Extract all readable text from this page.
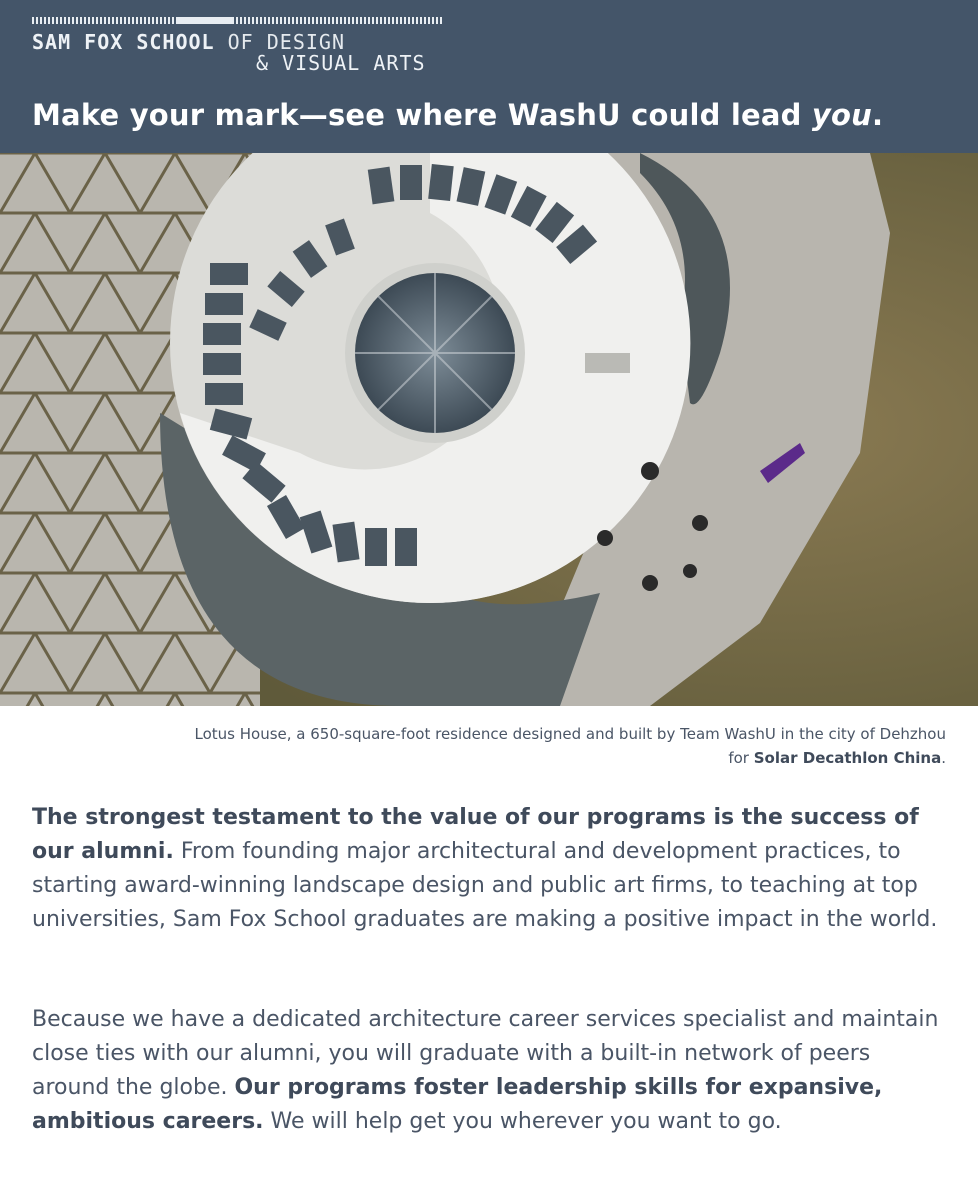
SAM FOX SCHOOL OF DESIGN
& VISUAL ARTS
Make your mark—see where WashU could lead you.
Lotus House, a 650-square-foot residence designed and built by Team WashU in the city of Dehzhou for Solar Decathlon China.
The strongest testament to the value of our programs is the success of our alumni. From founding major architectural and development practices, to starting award-winning landscape design and public art firms, to teaching at top universities, Sam Fox School graduates are making a positive impact in the world.
Because we have a dedicated architecture career services specialist and maintain close ties with our alumni, you will graduate with a built-in network of peers around the globe. Our programs foster leadership skills for expansive, ambitious careers. We will help get you wherever you want to go.
